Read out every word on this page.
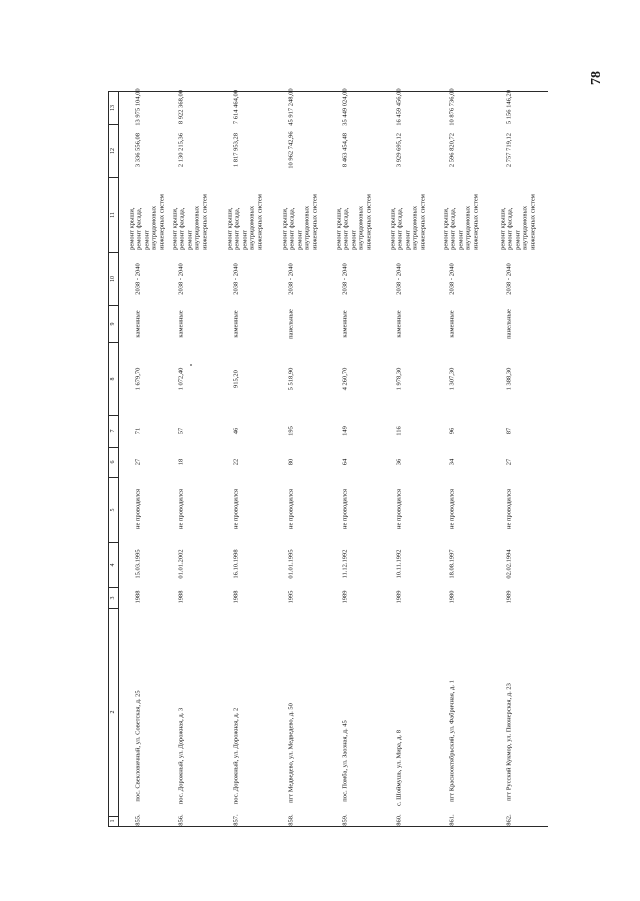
78
1
2
3
4
5
6
7
8
9
10
11
12
13
855.
пос. Свекловичный, ул. Советская, д. 25
1988
15.03.1995
не проводился
27
71
1 679,70
каменные
2038 - 2040
3 336 556,08
13 975 104,00
ремонт крыши,
ремонт фасада,
ремонт
внутридомовых
инженерных систем
856.
пос. Дорожный, ул. Дорожная, д. 3
1988
01.01.2002
не проводился
18
57
1 072,40
каменные
2038 - 2040
2 130 215,36
8 922 368,00
ремонт крыши,
ремонт фасада,
ремонт
внутридомовых
инженерных систем
857.
пос. Дорожный, ул. Дорожная, д. 2
1988
16.10.1998
не проводился
22
46
915,20
каменные
2038 - 2040
1 817 953,28
7 614 464,00
ремонт крыши,
ремонт фасада,
ремонт
внутридомовых
инженерных систем
858.
пгт Медведево, ул. Медведево, д. 50
1995
01.01.1995
не проводился
80
195
5 518,90
панельные
2038 - 2040
10 962 742,96
45 917 248,00
ремонт крыши,
ремонт фасада,
ремонт
внутридомовых
инженерных систем
859.
пос. Помба, ул. Заозная, д. 45
1989
11.12.1992
не проводился
64
149
4 260,70
каменные
2038 - 2040
8 463 454,48
35 449 024,00
ремонт крыши,
ремонт фасада,
ремонт
внутридомовых
инженерных систем
860.
с. Шоймушь, ул. Мира, д. 8
1989
10.11.1992
не проводился
36
116
1 978,30
каменные
2038 - 2040
3 929 695,12
16 459 456,00
ремонт крыши,
ремонт фасада,
ремонт
внутридомовых
инженерных систем
861.
пгт Краснооктябрьский, ул. Фабричная, д. 1
1980
18.08.1997
не проводился
34
96
1 307,30
каменные
2038 - 2040
2 596 820,72
10 876 736,00
ремонт крыши,
ремонт фасада,
ремонт
внутридомовых
инженерных систем
862.
пгт Русский Кукмор, ул. Пионерская, д. 23
1989
02.02.1994
не проводился
27
87
1 388,30
панельные
2038 - 2040
2 757 719,12
5 156 146,20
ремонт крыши,
ремонт фасада,
ремонт
внутридомовых
инженерных систем
